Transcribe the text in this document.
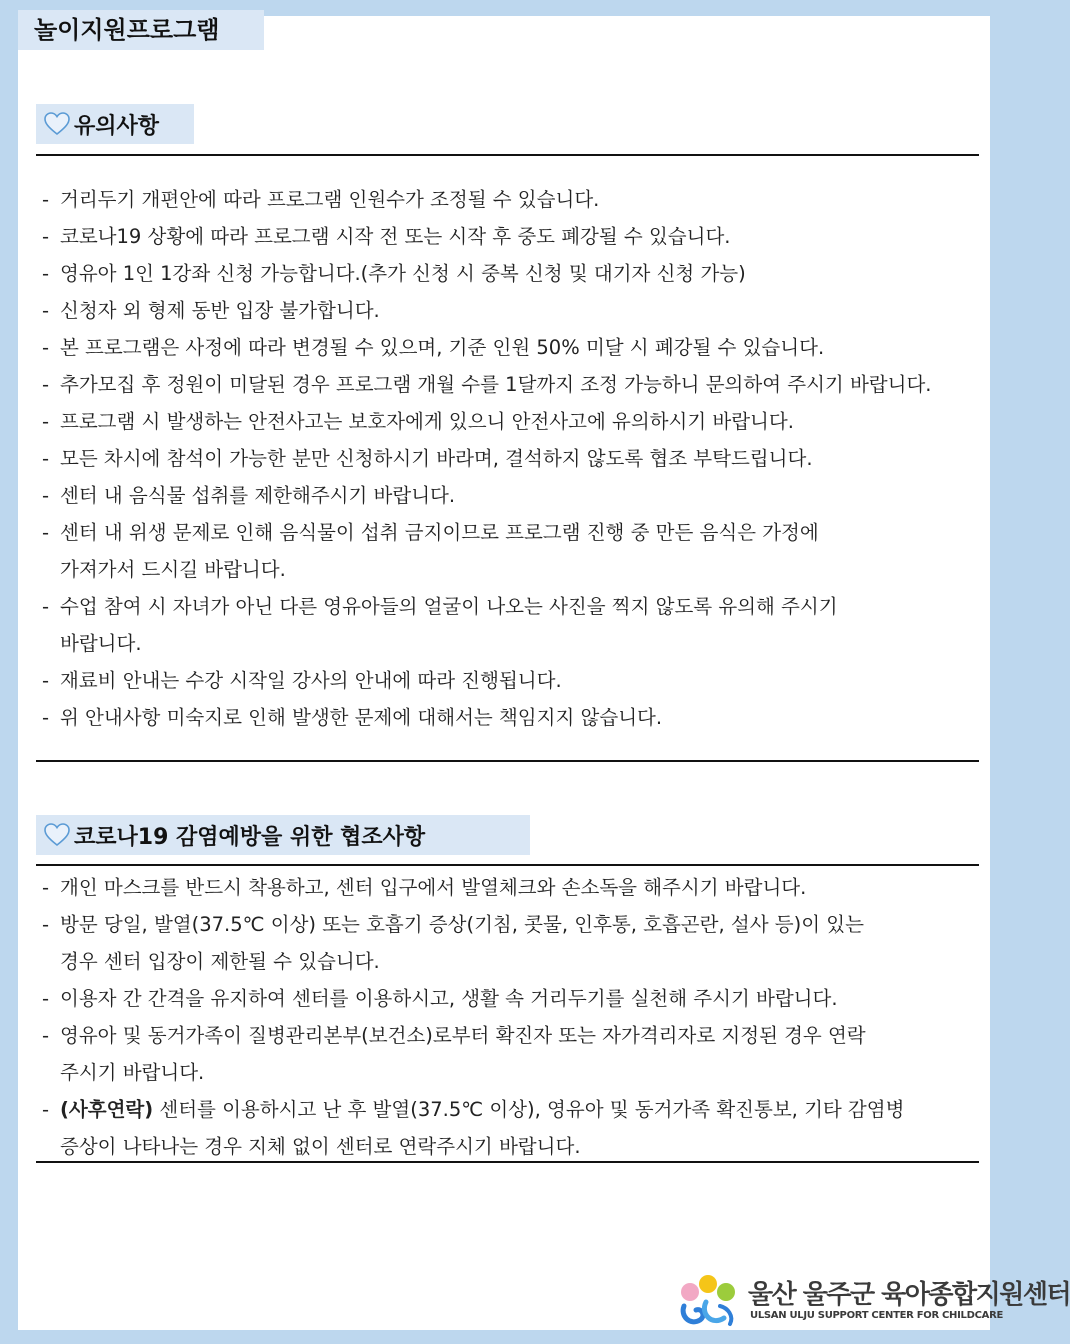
놀이지원프로그램
유의사항
- 거리두기 개편안에 따라 프로그램 인원수가 조정될 수 있습니다.
- 코로나19 상황에 따라 프로그램 시작 전 또는 시작 후 중도 폐강될 수 있습니다.
- 영유아 1인 1강좌 신청 가능합니다.(추가 신청 시 중복 신청 및 대기자 신청 가능)
- 신청자 외 형제 동반 입장 불가합니다.
- 본 프로그램은 사정에 따라 변경될 수 있으며, 기준 인원 50% 미달 시 폐강될 수 있습니다.
- 추가모집 후 정원이 미달된 경우 프로그램 개월 수를 1달까지 조정 가능하니 문의하여 주시기 바랍니다.
- 프로그램 시 발생하는 안전사고는 보호자에게 있으니 안전사고에 유의하시기 바랍니다.
- 모든 차시에 참석이 가능한 분만 신청하시기 바라며, 결석하지 않도록 협조 부탁드립니다.
- 센터 내 음식물 섭취를 제한해주시기 바랍니다.
- 센터 내 위생 문제로 인해 음식물이 섭취 금지이므로 프로그램 진행 중 만든 음식은 가정에
가져가서 드시길 바랍니다.
- 수업 참여 시 자녀가 아닌 다른 영유아들의 얼굴이 나오는 사진을 찍지 않도록 유의해 주시기
바랍니다.
- 재료비 안내는 수강 시작일 강사의 안내에 따라 진행됩니다.
- 위 안내사항 미숙지로 인해 발생한 문제에 대해서는 책임지지 않습니다.
코로나19 감염예방을 위한 협조사항
- 개인 마스크를 반드시 착용하고, 센터 입구에서 발열체크와 손소독을 해주시기 바랍니다.
- 방문 당일, 발열(37.5℃ 이상) 또는 호흡기 증상(기침, 콧물, 인후통, 호흡곤란, 설사 등)이 있는
경우 센터 입장이 제한될 수 있습니다.
- 이용자 간 간격을 유지하여 센터를 이용하시고, 생활 속 거리두기를 실천해 주시기 바랍니다.
- 영유아 및 동거가족이 질병관리본부(보건소)로부터 확진자 또는 자가격리자로 지정된 경우 연락
주시기 바랍니다.
- (사후연락) 센터를 이용하시고 난 후 발열(37.5℃ 이상), 영유아 및 동거가족 확진통보, 기타 감염병
증상이 나타나는 경우 지체 없이 센터로 연락주시기 바랍니다.
울산 울주군 육아종합지원센터
ULSAN ULJU SUPPORT CENTER FOR CHILDCARE
